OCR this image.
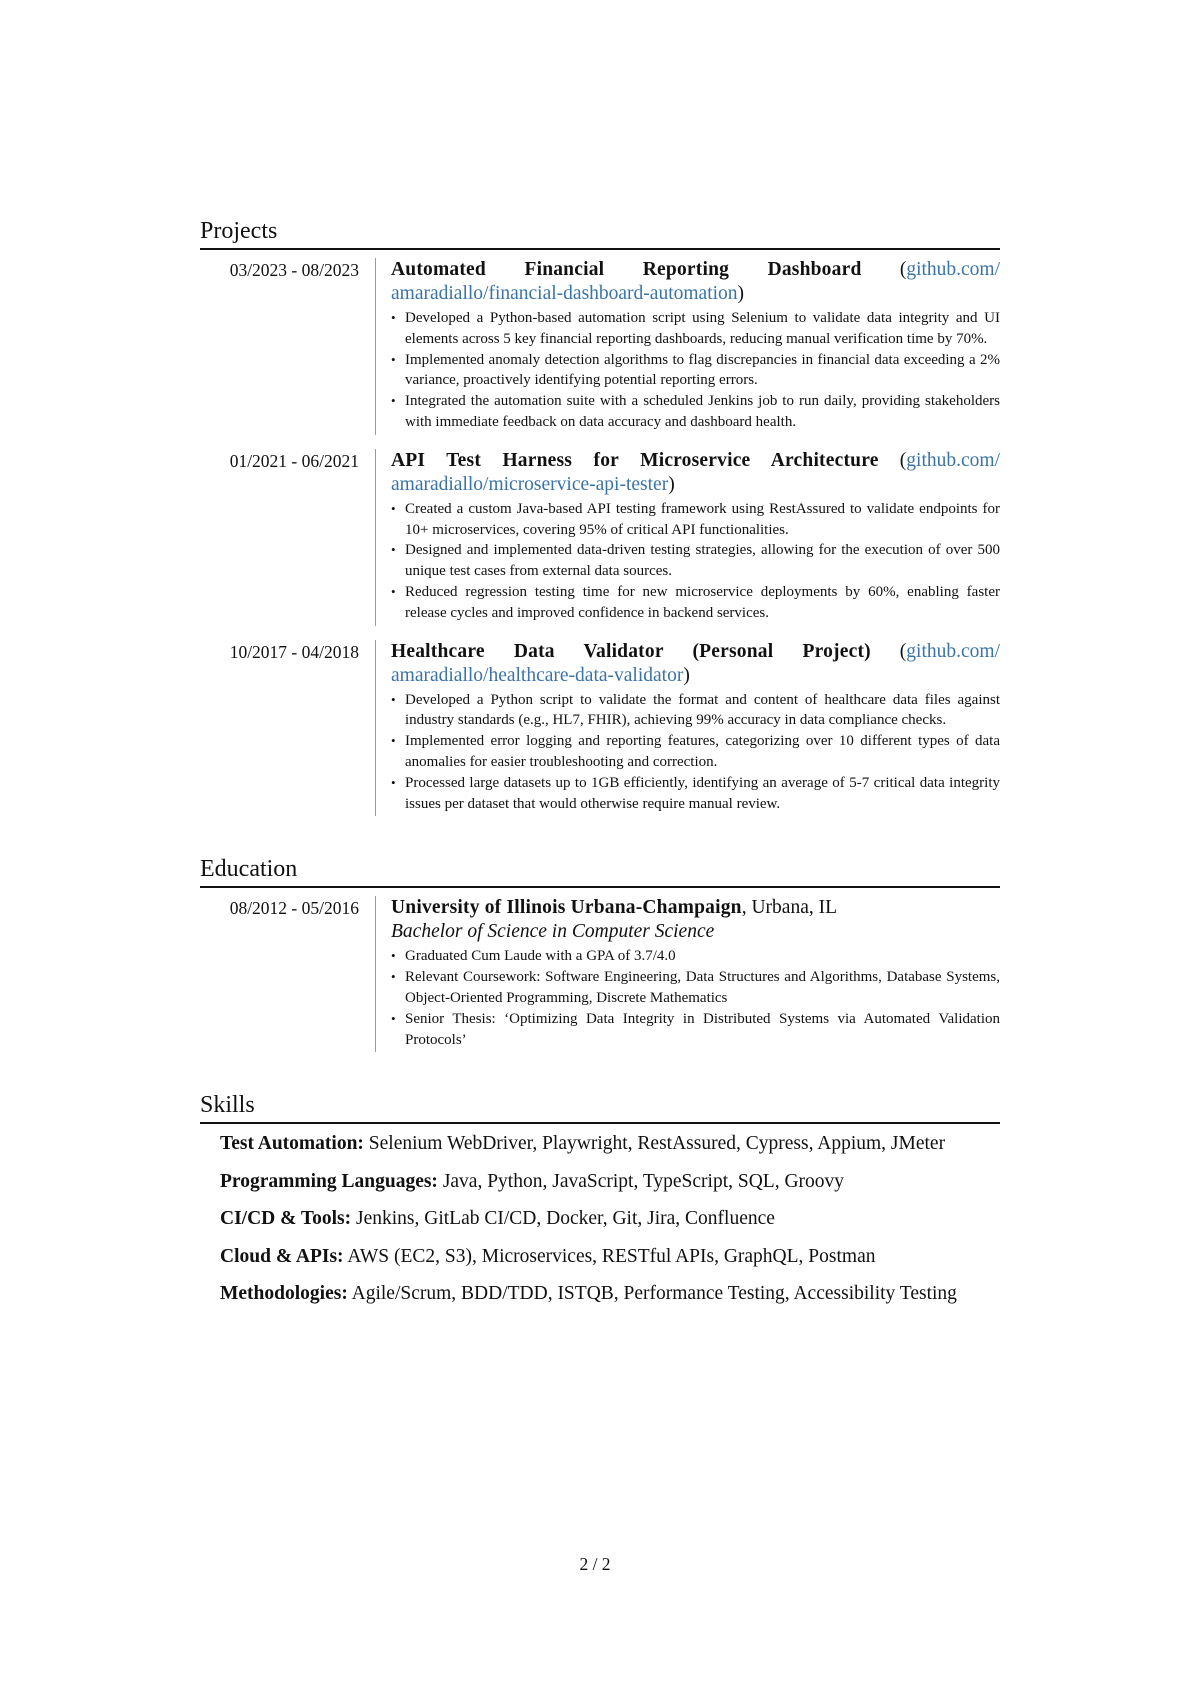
Projects
03/2023 - 08/2023	Automated Financial Reporting Dashboard (github.com/ amaradiallo/financial-dashboard-automation)
• Developed a Python-based automation script using Selenium to validate data integrity and UI elements across 5 key financial reporting dashboards, reducing manual verification time by 70%.
• Implemented anomaly detection algorithms to flag discrepancies in financial data exceeding a 2% variance, proactively identifying potential reporting errors.
• Integrated the automation suite with a scheduled Jenkins job to run daily, providing stakeholders with immediate feedback on data accuracy and dashboard health.
01/2021 - 06/2021	API Test Harness for Microservice Architecture (github.com/ amaradiallo/microservice-api-tester)
• Created a custom Java-based API testing framework using RestAssured to validate endpoints for 10+ microservices, covering 95% of critical API functionalities.
• Designed and implemented data-driven testing strategies, allowing for the execution of over 500 unique test cases from external data sources.
• Reduced regression testing time for new microservice deployments by 60%, enabling faster release cycles and improved confidence in backend services.
10/2017 - 04/2018	Healthcare Data Validator (Personal Project) (github.com/ amaradiallo/healthcare-data-validator)
• Developed a Python script to validate the format and content of healthcare data files against industry standards (e.g., HL7, FHIR), achieving 99% accuracy in data compliance checks.
• Implemented error logging and reporting features, categorizing over 10 different types of data anomalies for easier troubleshooting and correction.
• Processed large datasets up to 1GB efficiently, identifying an average of 5-7 critical data integrity issues per dataset that would otherwise require manual review.
Education
08/2012 - 05/2016	University of Illinois Urbana-Champaign, Urbana, IL
Bachelor of Science in Computer Science
• Graduated Cum Laude with a GPA of 3.7/4.0
• Relevant Coursework: Software Engineering, Data Structures and Algorithms, Database Systems, Object-Oriented Programming, Discrete Mathematics
• Senior Thesis: ‘Optimizing Data Integrity in Distributed Systems via Automated Validation Protocols’
Skills
Test Automation: Selenium WebDriver, Playwright, RestAssured, Cypress, Appium, JMeter
Programming Languages: Java, Python, JavaScript, TypeScript, SQL, Groovy
CI/CD & Tools: Jenkins, GitLab CI/CD, Docker, Git, Jira, Confluence
Cloud & APIs: AWS (EC2, S3), Microservices, RESTful APIs, GraphQL, Postman
Methodologies: Agile/Scrum, BDD/TDD, ISTQB, Performance Testing, Accessibility Testing
2 / 2
